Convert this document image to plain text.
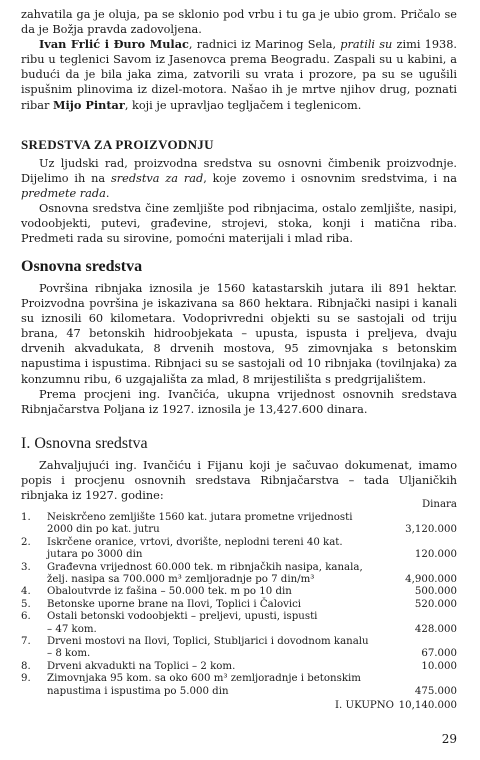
zahvatila ga je oluja, pa se sklonio pod vrbu i tu ga je ubio grom. Pričalo se da je Božja pravda zadovoljena.

Ivan Frlić i Đuro Mulac, radnici iz Marinog Sela, pratili su zimi 1938. ribu u teglenici Savom iz Jasenovca prema Beogradu. Zaspali su u kabini, a budući da je bila jaka zima, zatvorili su vrata i prozore, pa su se ugušili ispušnim plinovima iz dizel-motora. Našao ih je mrtve njihov drug, poznati ribar Mijo Pintar, koji je upravljao tegljačem i teglenicom.

SREDSTVA ZA PROIZVODNJU

Uz ljudski rad, proizvodna sredstva su osnovni čimbenik proizvodnje. Dijelimo ih na sredstva za rad, koje zovemo i osnovnim sredstvima, i na predmete rada.

Osnovna sredstva čine zemljište pod ribnjacima, ostalo zemljište, nasipi, vodoobjekti, putevi, građevine, strojevi, stoka, konji i matična riba. Predmeti rada su sirovine, pomoćni materijali i mlad riba.

Osnovna sredstva

Površina ribnjaka iznosila je 1560 katastarskih jutara ili 891 hektar. Proizvodna površina je iskazivana sa 860 hektara. Ribnjački nasipi i kanali su iznosili 60 kilometara. Vodoprivredni objekti su se sastojali od triju brana, 47 betonskih hidroobjekata – upusta, ispusta i preljeva, dvaju drvenih akvadukata, 8 drvenih mostova, 95 zimovnjaka s betonskim napustima i ispustima. Ribnjaci su se sastojali od 10 ribnjaka (tovilnjaka) za konzumnu ribu, 6 uzgajališta za mlad, 8 mrijestilišta s predgrijalištem.

Prema procjeni ing. Ivančića, ukupna vrijednost osnovnih sredstava Ribnjačarstva Poljana iz 1927. iznosila je 13,427.600 dinara.

I. Osnovna sredstva

Zahvaljujući ing. Ivančiću i Fijanu koji je sačuvao dokumenat, imamo popis i procjenu osnovnih sredstava Ribnjačarstva – tada Uljaničkih ribnjaka iz 1927. godine:

Dinara
1.	Neiskrčeno zemljište 1560 kat. jutara prometne vrijednosti	
	2000 din po kat. jutru	3,120.000
2.	Iskrčene oranice, vrtovi, dvorište, neplodni tereni 40 kat.	
	jutara po 3000 din	120.000
3.	Građevna vrijednost 60.000 tek. m ribnjačkih nasipa, kanala,	
	želj. nasipa sa 700.000 m³ zemljoradnje po 7 din/m³	4,900.000
4.	Obaloutvrde iz fašina – 50.000 tek. m po 10 din	500.000
5.	Betonske uporne brane na Ilovi, Toplici i Čalovici	520.000
6.	Ostali betonski vodoobjekti – preljevi, upusti, ispusti	
	– 47 kom.	428.000
7.	Drveni mostovi na Ilovi, Toplici, Stubljarici i dovodnom kanalu	
	– 8 kom.	67.000
8.	Drveni akvadukti na Toplici – 2 kom.	10.000
9.	Zimovnjaka 95 kom. sa oko 600 m³ zemljoradnje i betonskim	
	napustima i ispustima po 5.000 din	475.000
	I. UKUPNO	10,140.000
29
